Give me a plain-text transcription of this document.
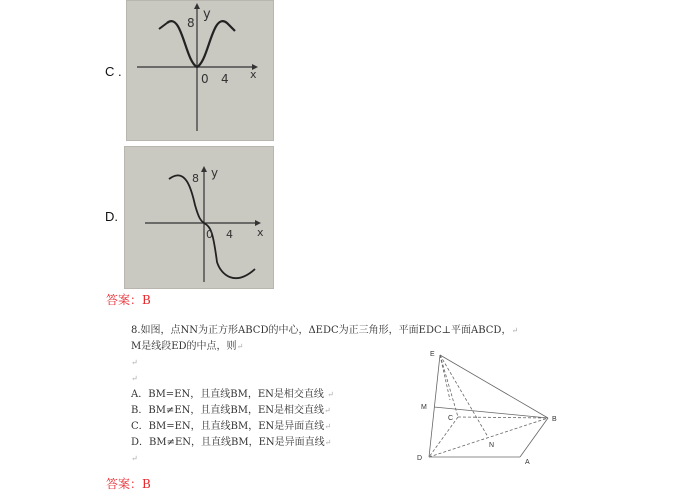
C .
8
y
0 4 x
D.
8 y
0 4 x
答案：B
8.如图，点NN为正方形ABCD的中心，ΔEDC为正三角形，平面EDC⊥平面ABCD，↵
M是线段ED的中点，则↵
↵
↵
A．BM=EN，且直线BM，EN是相交直线 ↵
B．BM≠EN，且直线BM，EN是相交直线↵
C．BM=EN，且直线BM，EN是异面直线↵
D．BM≠EN，且直线BM，EN是异面直线↵
↵
E
M
C	B
N
D
A
答案：B
